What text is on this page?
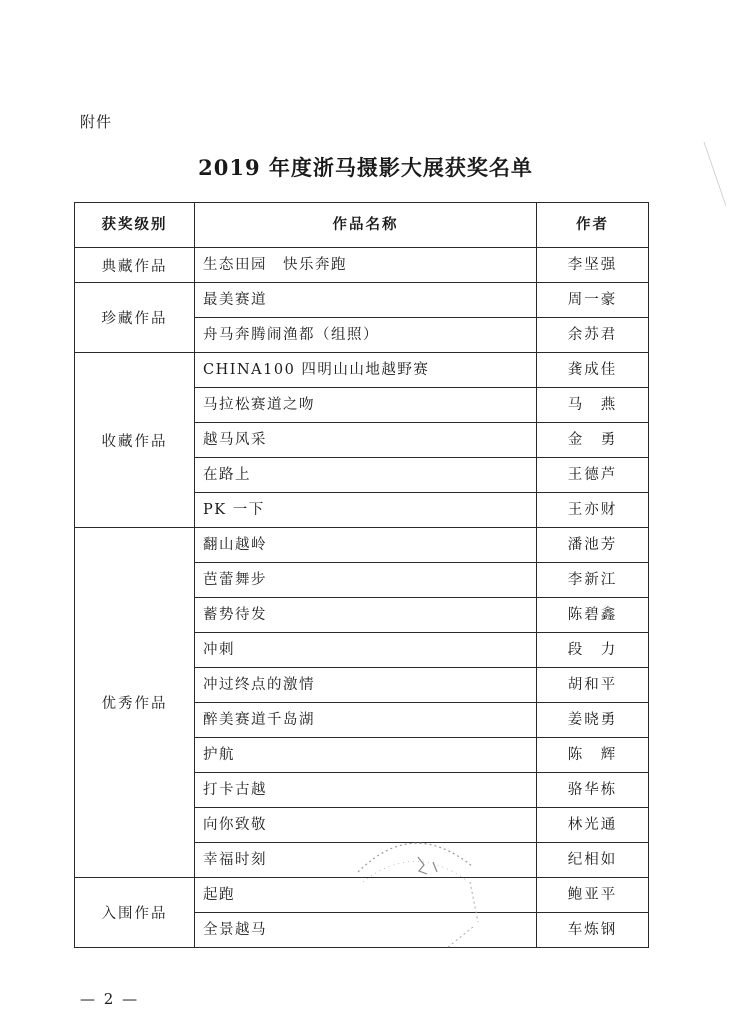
附件
2019 年度浙马摄影大展获奖名单
获奖级别	作品名称	作者
典藏作品	生态田园　快乐奔跑	李坚强
珍藏作品	最美赛道	周一豪
	舟马奔腾闹渔都（组照）	余苏君
收藏作品	CHINA100 四明山山地越野赛	龚成佳
	马拉松赛道之吻	马　燕
	越马风采	金　勇
	在路上	王德芦
	PK 一下	王亦财
优秀作品	翻山越岭	潘池芳
	芭蕾舞步	李新江
	蓄势待发	陈碧鑫
	冲刺	段　力
	冲过终点的激情	胡和平
	醉美赛道千岛湖	姜晓勇
	护航	陈　辉
	打卡古越	骆华栋
	向你致敬	林光通
	幸福时刻	纪相如
入围作品	起跑	鲍亚平
	全景越马	车炼钢
— 2 —
